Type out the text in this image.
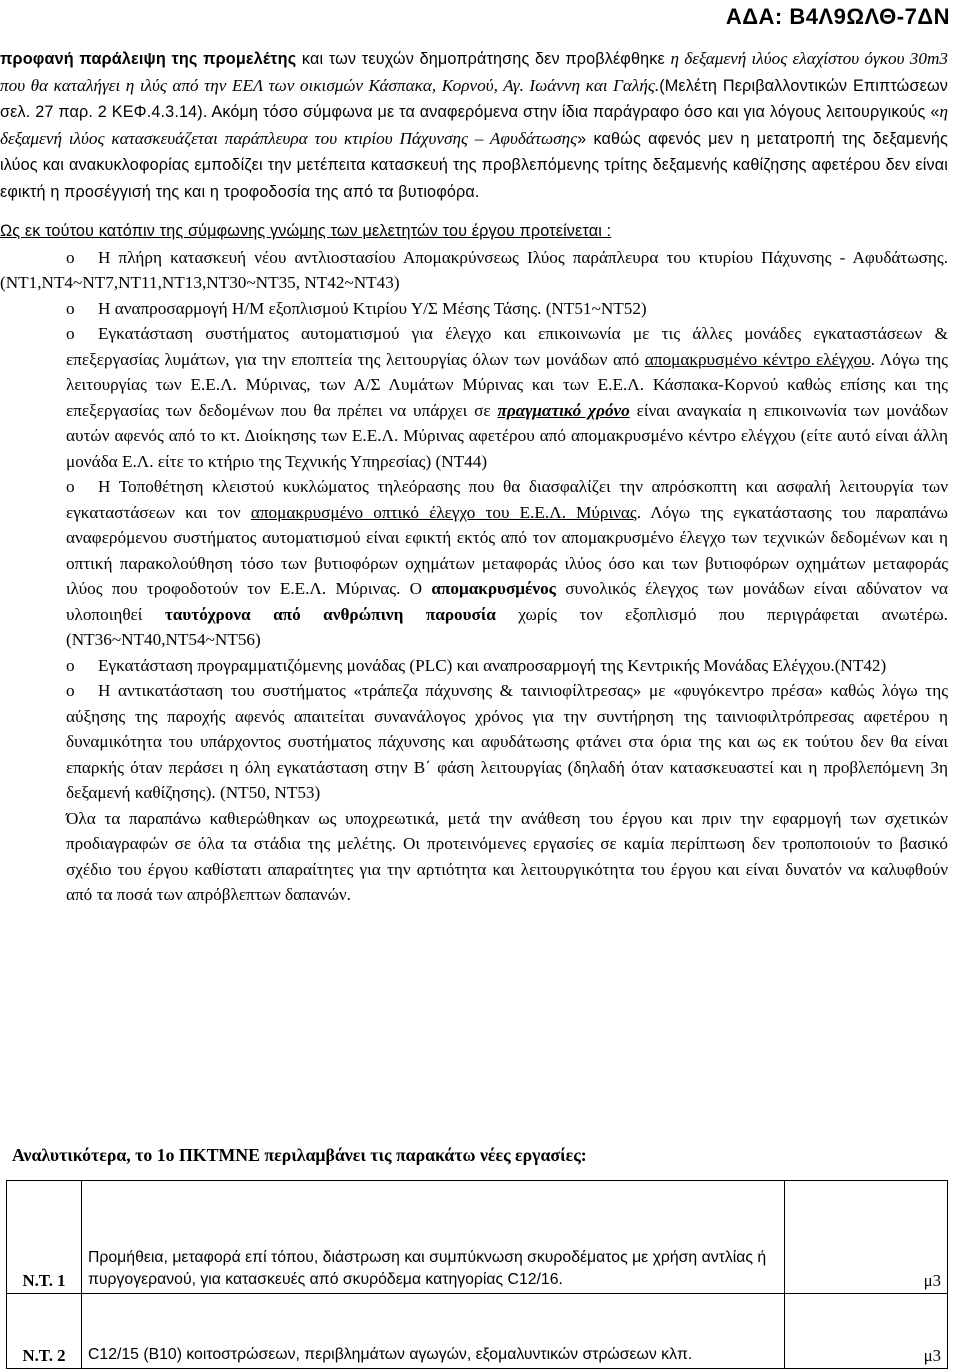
ΑΔΑ: Β4Λ9ΩΛΘ-7ΔΝ
προφανή παράλειψη της προμελέτης και των τευχών δημοπράτησης δεν προβλέφθηκε η δεξαμενή ιλύος ελαχίστου όγκου 30m3 που θα καταλήγει η ιλύς από την ΕΕΛ των οικισμών Κάσπακα, Κορνού, Αγ. Ιωάννη και Γαλής.(Μελέτη Περιβαλλοντικών Επιπτώσεων σελ. 27 παρ. 2 ΚΕΦ.4.3.14). Ακόμη τόσο σύμφωνα με τα αναφερόμενα στην ίδια παράγραφο όσο και για λόγους λειτουργικούς «η δεξαμενή ιλύος κατασκευάζεται παράπλευρα του κτιρίου Πάχυνσης – Αφυδάτωσης» καθώς αφενός μεν η μετατροπή της δεξαμενής ιλύος και ανακυκλοφορίας εμποδίζει την μετέπειτα κατασκευή της προβλεπόμενης τρίτης δεξαμενής καθίζησης αφετέρου δεν είναι εφικτή η προσέγγισή της και η τροφοδοσία της από τα βυτιοφόρα.
Ως εκ τούτου κατόπιν της σύμφωνης γνώμης των μελετητών του έργου προτείνεται :
o Η πλήρη κατασκευή νέου αντλιοστασίου Απομακρύνσεως Ιλύος παράπλευρα του κτυρίου Πάχυνσης - Αφυδάτωσης. (ΝΤ1,ΝΤ4~ΝΤ7,ΝΤ11,ΝΤ13,ΝΤ30~ΝΤ35, ΝΤ42~ΝΤ43)
o Η αναπροσαρμογή Η/Μ εξοπλισμού Κτιρίου Υ/Σ Μέσης Τάσης. (ΝΤ51~ΝΤ52)
o Εγκατάσταση συστήματος αυτοματισμού για έλεγχο και επικοινωνία με τις άλλες μονάδες εγκαταστάσεων & επεξεργασίας λυμάτων, για την εποπτεία της λειτουργίας όλων των μονάδων από απομακρυσμένο κέντρο ελέγχου. Λόγω της λειτουργίας των Ε.Ε.Λ. Μύρινας, των Α/Σ Λυμάτων Μύρινας και των Ε.Ε.Λ. Κάσπακα-Κορνού καθώς επίσης και της επεξεργασίας των δεδομένων που θα πρέπει να υπάρχει σε πραγματικό χρόνο είναι αναγκαία η επικοινωνία των μονάδων αυτών αφενός από το κτ. Διοίκησης των Ε.Ε.Λ. Μύρινας αφετέρου από απομακρυσμένο κέντρο ελέγχου (είτε αυτό είναι άλλη μονάδα Ε.Λ. είτε το κτήριο της Τεχνικής Υπηρεσίας) (ΝΤ44)
o Η Τοποθέτηση κλειστού κυκλώματος τηλεόρασης που θα διασφαλίζει την απρόσκοπτη και ασφαλή λειτουργία των εγκαταστάσεων και τον απομακρυσμένο οπτικό έλεγχο του Ε.Ε.Λ. Μύρινας. Λόγω της εγκατάστασης του παραπάνω αναφερόμενου συστήματος αυτοματισμού είναι εφικτή εκτός από τον απομακρυσμένο έλεγχο των τεχνικών δεδομένων και η οπτική παρακολούθηση τόσο των βυτιοφόρων οχημάτων μεταφοράς ιλύος όσο και των βυτιοφόρων οχημάτων μεταφοράς ιλύος που τροφοδοτούν τον Ε.Ε.Λ. Μύρινας. Ο απομακρυσμένος συνολικός έλεγχος των μονάδων είναι αδύνατον να υλοποιηθεί ταυτόχρονα από ανθρώπινη παρουσία χωρίς τον εξοπλισμό που περιγράφεται ανωτέρω.(ΝΤ36~ΝΤ40,ΝΤ54~ΝΤ56)
o Εγκατάσταση προγραμματιζόμενης μονάδας (PLC) και αναπροσαρμογή της Κεντρικής Μονάδας Ελέγχου.(ΝΤ42)
o Η αντικατάσταση του συστήματος «τράπεζα πάχυνσης & ταινιοφίλτρεσας» με «φυγόκεντρο πρέσα» καθώς λόγω της αύξησης της παροχής αφενός απαιτείται συνανάλογος χρόνος για την συντήρηση της ταινιοφιλτρόπρεσας αφετέρου η δυναμικότητα του υπάρχοντος συστήματος πάχυνσης και αφυδάτωσης φτάνει στα όρια της και ως εκ τούτου δεν θα είναι επαρκής όταν περάσει η όλη εγκατάσταση στην Β΄ φάση λειτουργίας (δηλαδή όταν κατασκευαστεί και η προβλεπόμενη 3η δεξαμενή καθίζησης). (ΝΤ50, ΝΤ53)
Όλα τα παραπάνω καθιερώθηκαν ως υποχρεωτικά, μετά την ανάθεση του έργου και πριν την εφαρμογή των σχετικών προδιαγραφών σε όλα τα στάδια της μελέτης. Οι προτεινόμενες εργασίες σε καμία περίπτωση δεν τροποποιούν το βασικό σχέδιο του έργου καθίστατι απαραίτητες για την αρτιότητα και λειτουργικότητα του έργου και είναι δυνατόν να καλυφθούν από τα ποσά των απρόβλεπτων δαπανών.
Αναλυτικότερα, το 1ο ΠΚΤΜΝΕ περιλαμβάνει τις παρακάτω νέες εργασίες:
Ν.Τ. 1	Προμήθεια, μεταφορά επί τόπου, διάστρωση και συμπύκνωση σκυροδέματος με χρήση αντλίας ή πυργογερανού, για κατασκευές από σκυρόδεμα κατηγορίας C12/16.	μ3
Ν.Τ. 2	C12/15 (Β10) κοιτοστρώσεων, περιβλημάτων αγωγών, εξομαλυντικών στρώσεων κλπ.	μ3
